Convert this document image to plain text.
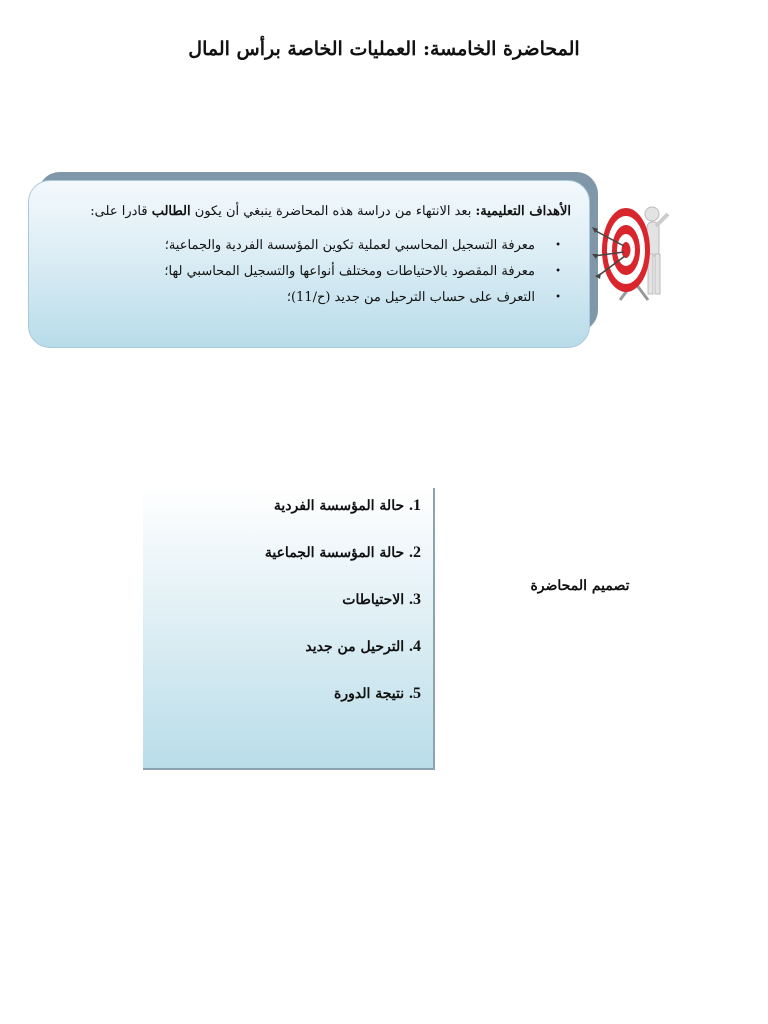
المحاضرة الخامسة: العمليات الخاصة برأس المال

الأهداف التعليمية: بعد الانتهاء من دراسة هذه المحاضرة ينبغي أن يكون الطالب قادرا على:

•
معرفة التسجيل المحاسبي لعملية تكوين المؤسسة الفردية والجماعية؛
•
معرفة المقصود بالاحتياطات ومختلف أنواعها والتسجيل المحاسبي لها؛
•
التعرف على حساب الترحيل من جديد (ح/11)؛
1. حالة المؤسسة الفردية
2. حالة المؤسسة الجماعية
3. الاحتياطات
4. الترحيل من جديد
5. نتيجة الدورة
تصميم المحاضرة
